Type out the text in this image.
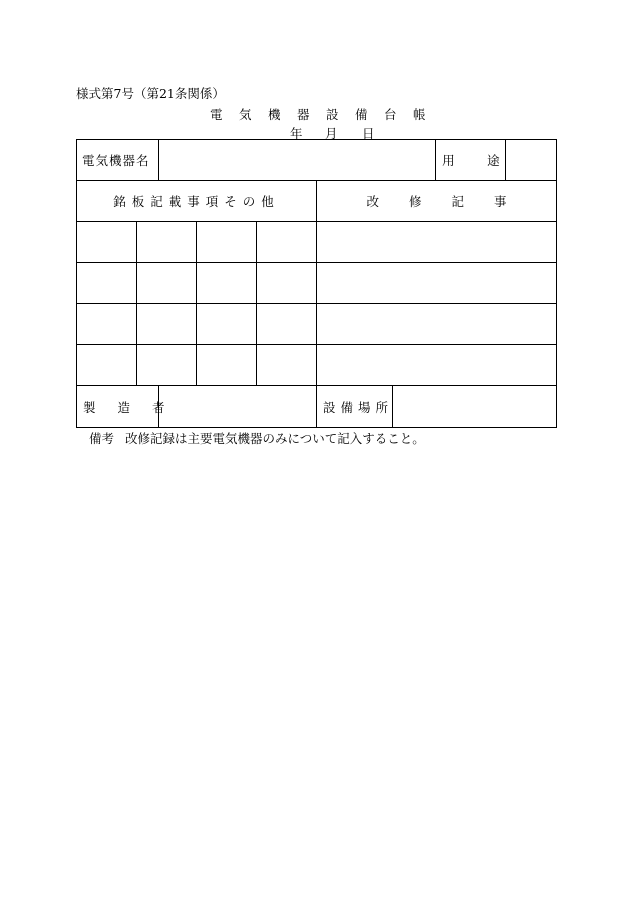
様式第7号（第21条関係）
電気機器設備台帳
年 月 日
電気機器名							用 途	
銘板記載事項その他					改修記事			

製造者					設備場所			
備考 改修記録は主要電気機器のみについて記入すること。
